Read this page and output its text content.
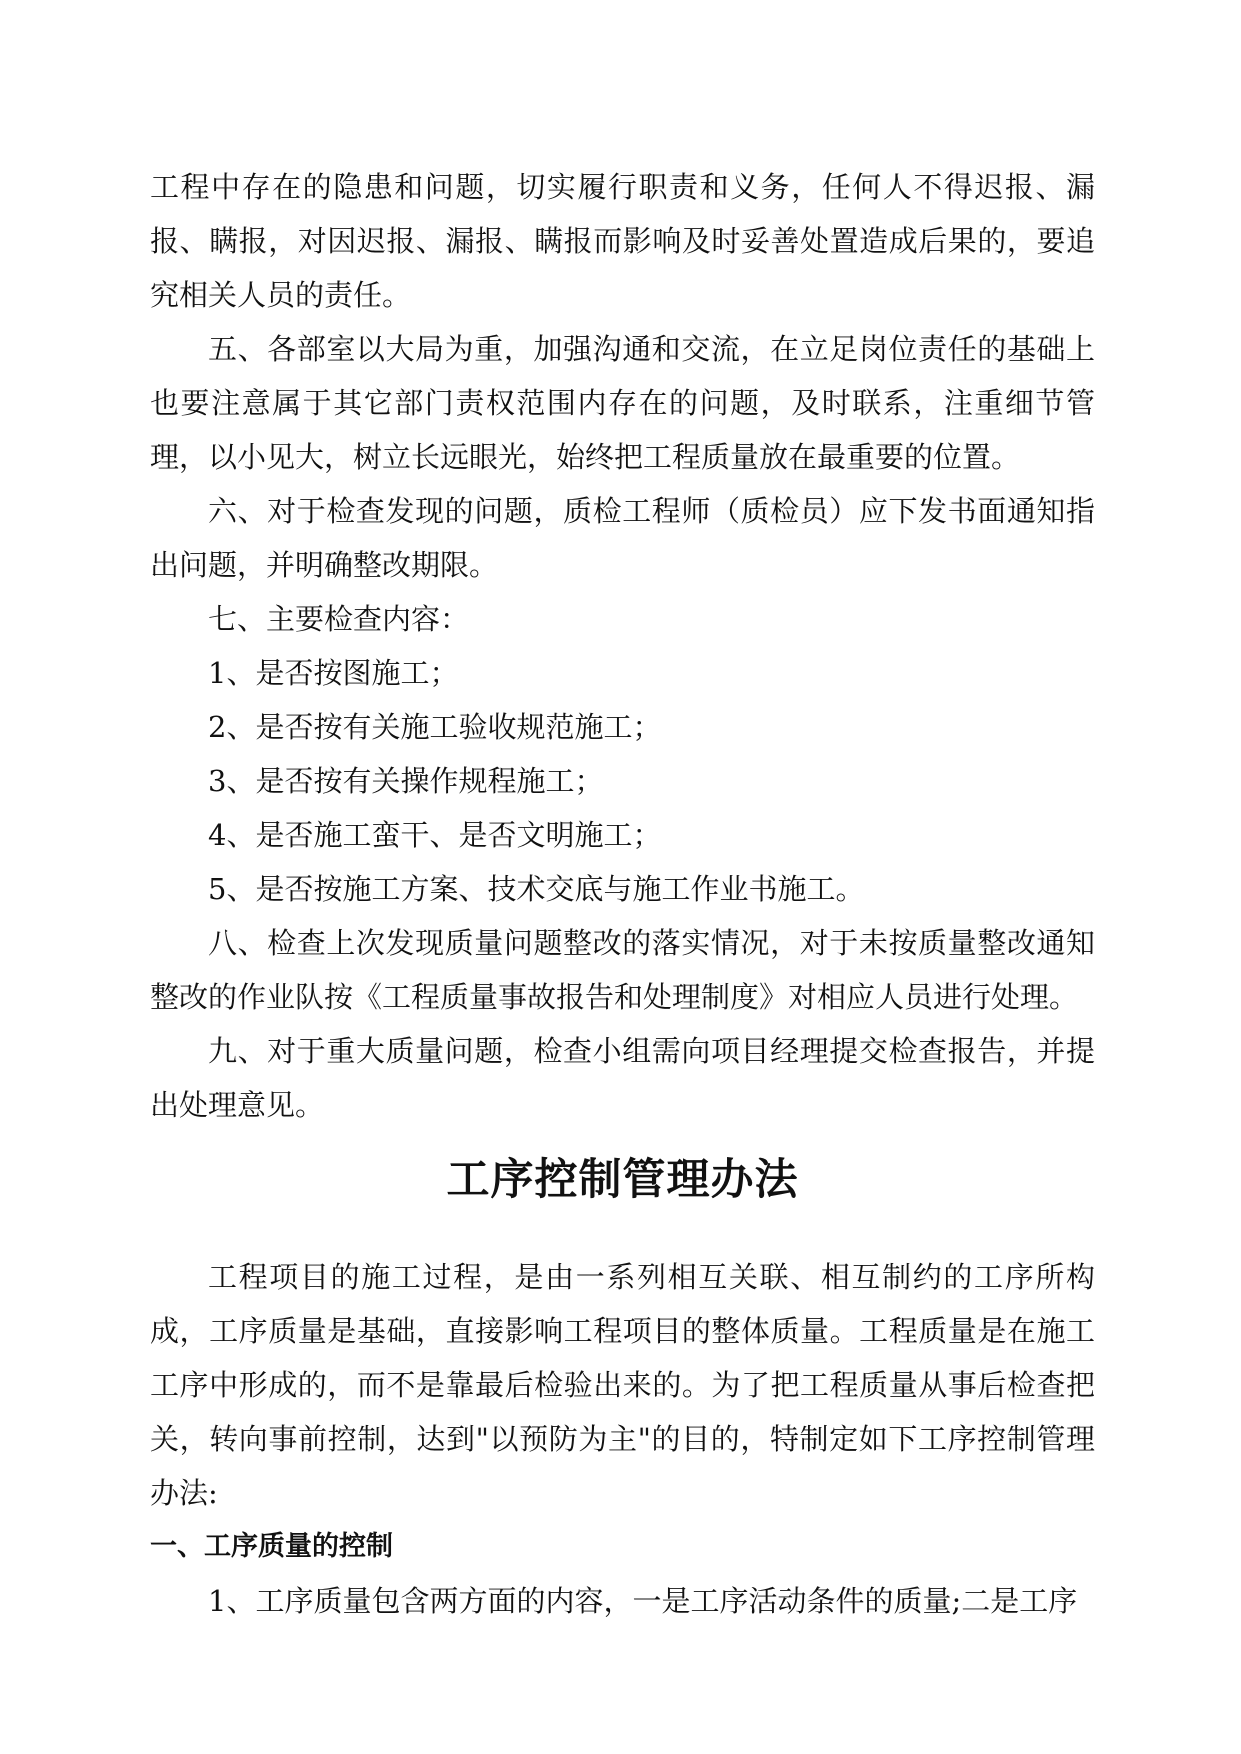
工程中存在的隐患和问题，切实履行职责和义务，任何人不得迟报、漏报、瞒报，对因迟报、漏报、瞒报而影响及时妥善处置造成后果的，要追究相关人员的责任。

五、各部室以大局为重，加强沟通和交流，在立足岗位责任的基础上也要注意属于其它部门责权范围内存在的问题，及时联系，注重细节管理，以小见大，树立长远眼光，始终把工程质量放在最重要的位置。

六、对于检查发现的问题，质检工程师（质检员）应下发书面通知指出问题，并明确整改期限。

七、主要检查内容：

1、是否按图施工；

2、是否按有关施工验收规范施工；

3、是否按有关操作规程施工；

4、是否施工蛮干、是否文明施工；

5、是否按施工方案、技术交底与施工作业书施工。

八、检查上次发现质量问题整改的落实情况，对于未按质量整改通知整改的作业队按《工程质量事故报告和处理制度》对相应人员进行处理。

九、对于重大质量问题，检查小组需向项目经理提交检查报告，并提出处理意见。

工序控制管理办法

工程项目的施工过程，是由一系列相互关联、相互制约的工序所构成，工序质量是基础，直接影响工程项目的整体质量。工程质量是在施工工序中形成的，而不是靠最后检验出来的。为了把工程质量从事后检查把关，转向事前控制，达到"以预防为主"的目的，特制定如下工序控制管理办法:

一、工序质量的控制

1、工序质量包含两方面的内容，一是工序活动条件的质量;二是工序
